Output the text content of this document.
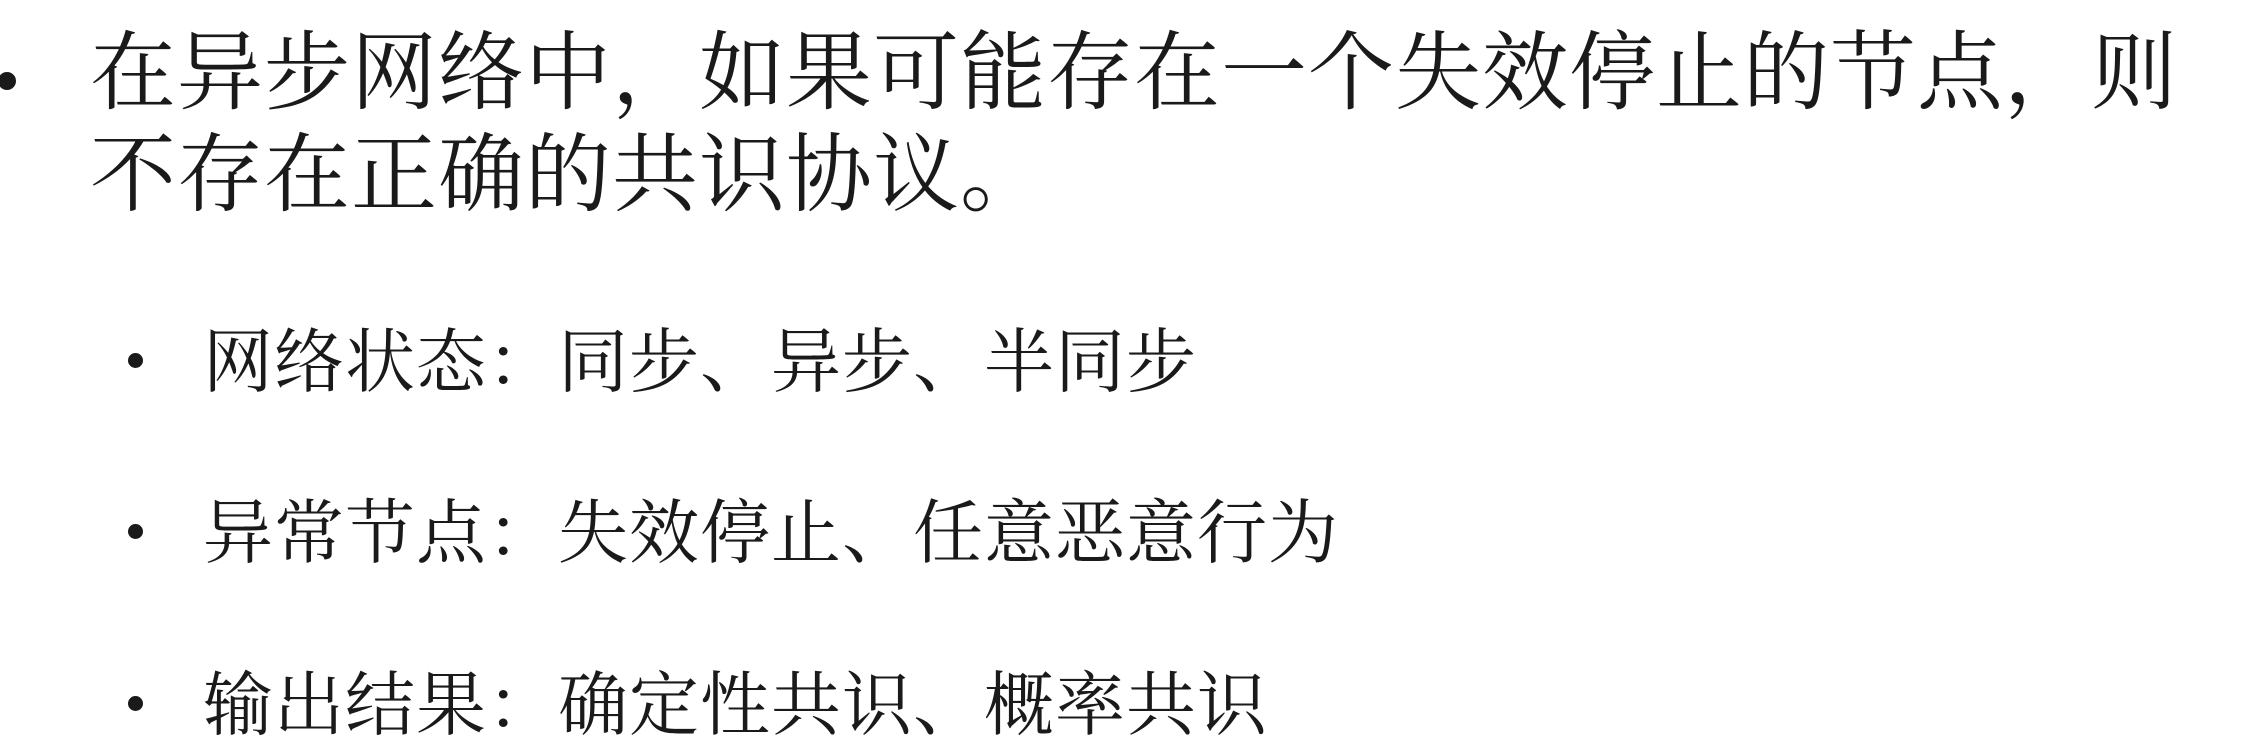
在异步网络中，如果可能存在一个失效停止的节点，则不存在正确的共识协议。
网络状态：同步、异步、半同步
异常节点：失效停止、任意恶意行为
输出结果：确定性共识、概率共识
